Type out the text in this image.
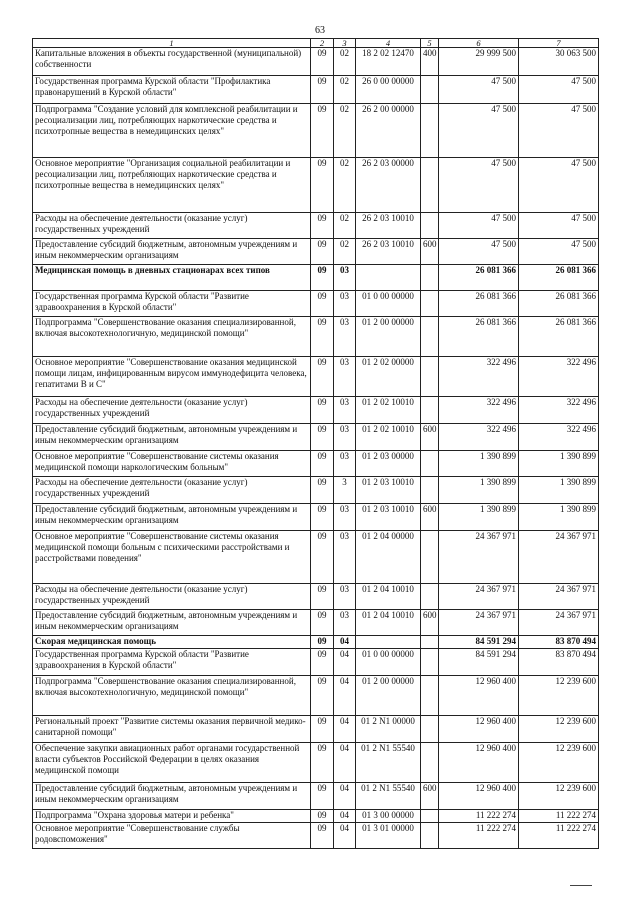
63
1	2	3	4	5	6	7
Капитальные вложения в объекты государственной (муниципальной) собственности	09	02	18 2 02 12470	400	29 999 500	30 063 500
Государственная программа Курской области "Профилактика правонарушений в Курской области"	09	02	26 0 00 00000		47 500	47 500
Подпрограмма "Создание условий для комплексной реабилитации и ресоциализации лиц, потребляющих наркотические средства и психотропные вещества в немедицинских целях"	09	02	26 2 00 00000		47 500	47 500
Основное мероприятие "Организация социальной реабилитации и ресоциализации лиц, потребляющих наркотические средства и психотропные вещества в немедицинских целях"	09	02	26 2 03 00000		47 500	47 500
Расходы на обеспечение деятельности (оказание услуг) государственных учреждений	09	02	26 2 03 10010		47 500	47 500
Предоставление субсидий бюджетным, автономным учреждениям и иным некоммерческим организациям	09	02	26 2 03 10010	600	47 500	47 500
Медицинская помощь в дневных стационарах всех типов	09	03			26 081 366	26 081 366
Государственная программа Курской области "Развитие здравоохранения в Курской области"	09	03	01 0 00 00000		26 081 366	26 081 366
Подпрограмма "Совершенствование оказания специализированной, включая высокотехнологичную, медицинской помощи"	09	03	01 2 00 00000		26 081 366	26 081 366
Основное мероприятие "Совершенствование оказания медицинской помощи лицам, инфицированным вирусом иммунодефицита человека, гепатитами В и С"	09	03	01 2 02 00000		322 496	322 496
Расходы на обеспечение деятельности (оказание услуг) государственных учреждений	09	03	01 2 02 10010		322 496	322 496
Предоставление субсидий бюджетным, автономным учреждениям и иным некоммерческим организациям	09	03	01 2 02 10010	600	322 496	322 496
Основное мероприятие "Совершенствование системы оказания медицинской помощи наркологическим больным"	09	03	01 2 03 00000		1 390 899	1 390 899
Расходы на обеспечение деятельности (оказание услуг) государственных учреждений	09	3	01 2 03 10010		1 390 899	1 390 899
Предоставление субсидий бюджетным, автономным учреждениям и иным некоммерческим организациям	09	03	01 2 03 10010	600	1 390 899	1 390 899
Основное мероприятие "Совершенствование системы оказания медицинской помощи больным с психическими расстройствами и расстройствами поведения"	09	03	01 2 04 00000		24 367 971	24 367 971
Расходы на обеспечение деятельности (оказание услуг) государственных учреждений	09	03	01 2 04 10010		24 367 971	24 367 971
Предоставление субсидий бюджетным, автономным учреждениям и иным некоммерческим организациям	09	03	01 2 04 10010	600	24 367 971	24 367 971
Скорая медицинская помощь	09	04			84 591 294	83 870 494
Государственная программа Курской области "Развитие здравоохранения в Курской области"	09	04	01 0 00 00000		84 591 294	83 870 494
Подпрограмма "Совершенствование оказания специализированной, включая высокотехнологичную, медицинской помощи"	09	04	01 2 00 00000		12 960 400	12 239 600
Региональный проект "Развитие системы оказания первичной медико-санитарной помощи"	09	04	01 2 N1 00000		12 960 400	12 239 600
Обеспечение закупки авиационных работ органами государственной власти субъектов Российской Федерации в целях оказания медицинской помощи	09	04	01 2 N1 55540		12 960 400	12 239 600
Предоставление субсидий бюджетным, автономным учреждениям и иным некоммерческим организациям	09	04	01 2 N1 55540	600	12 960 400	12 239 600
Подпрограмма "Охрана здоровья матери и ребенка"	09	04	01 3 00 00000		11 222 274	11 222 274
Основное мероприятие "Совершенствование службы родовспоможения"	09	04	01 3 01 00000		11 222 274	11 222 274
